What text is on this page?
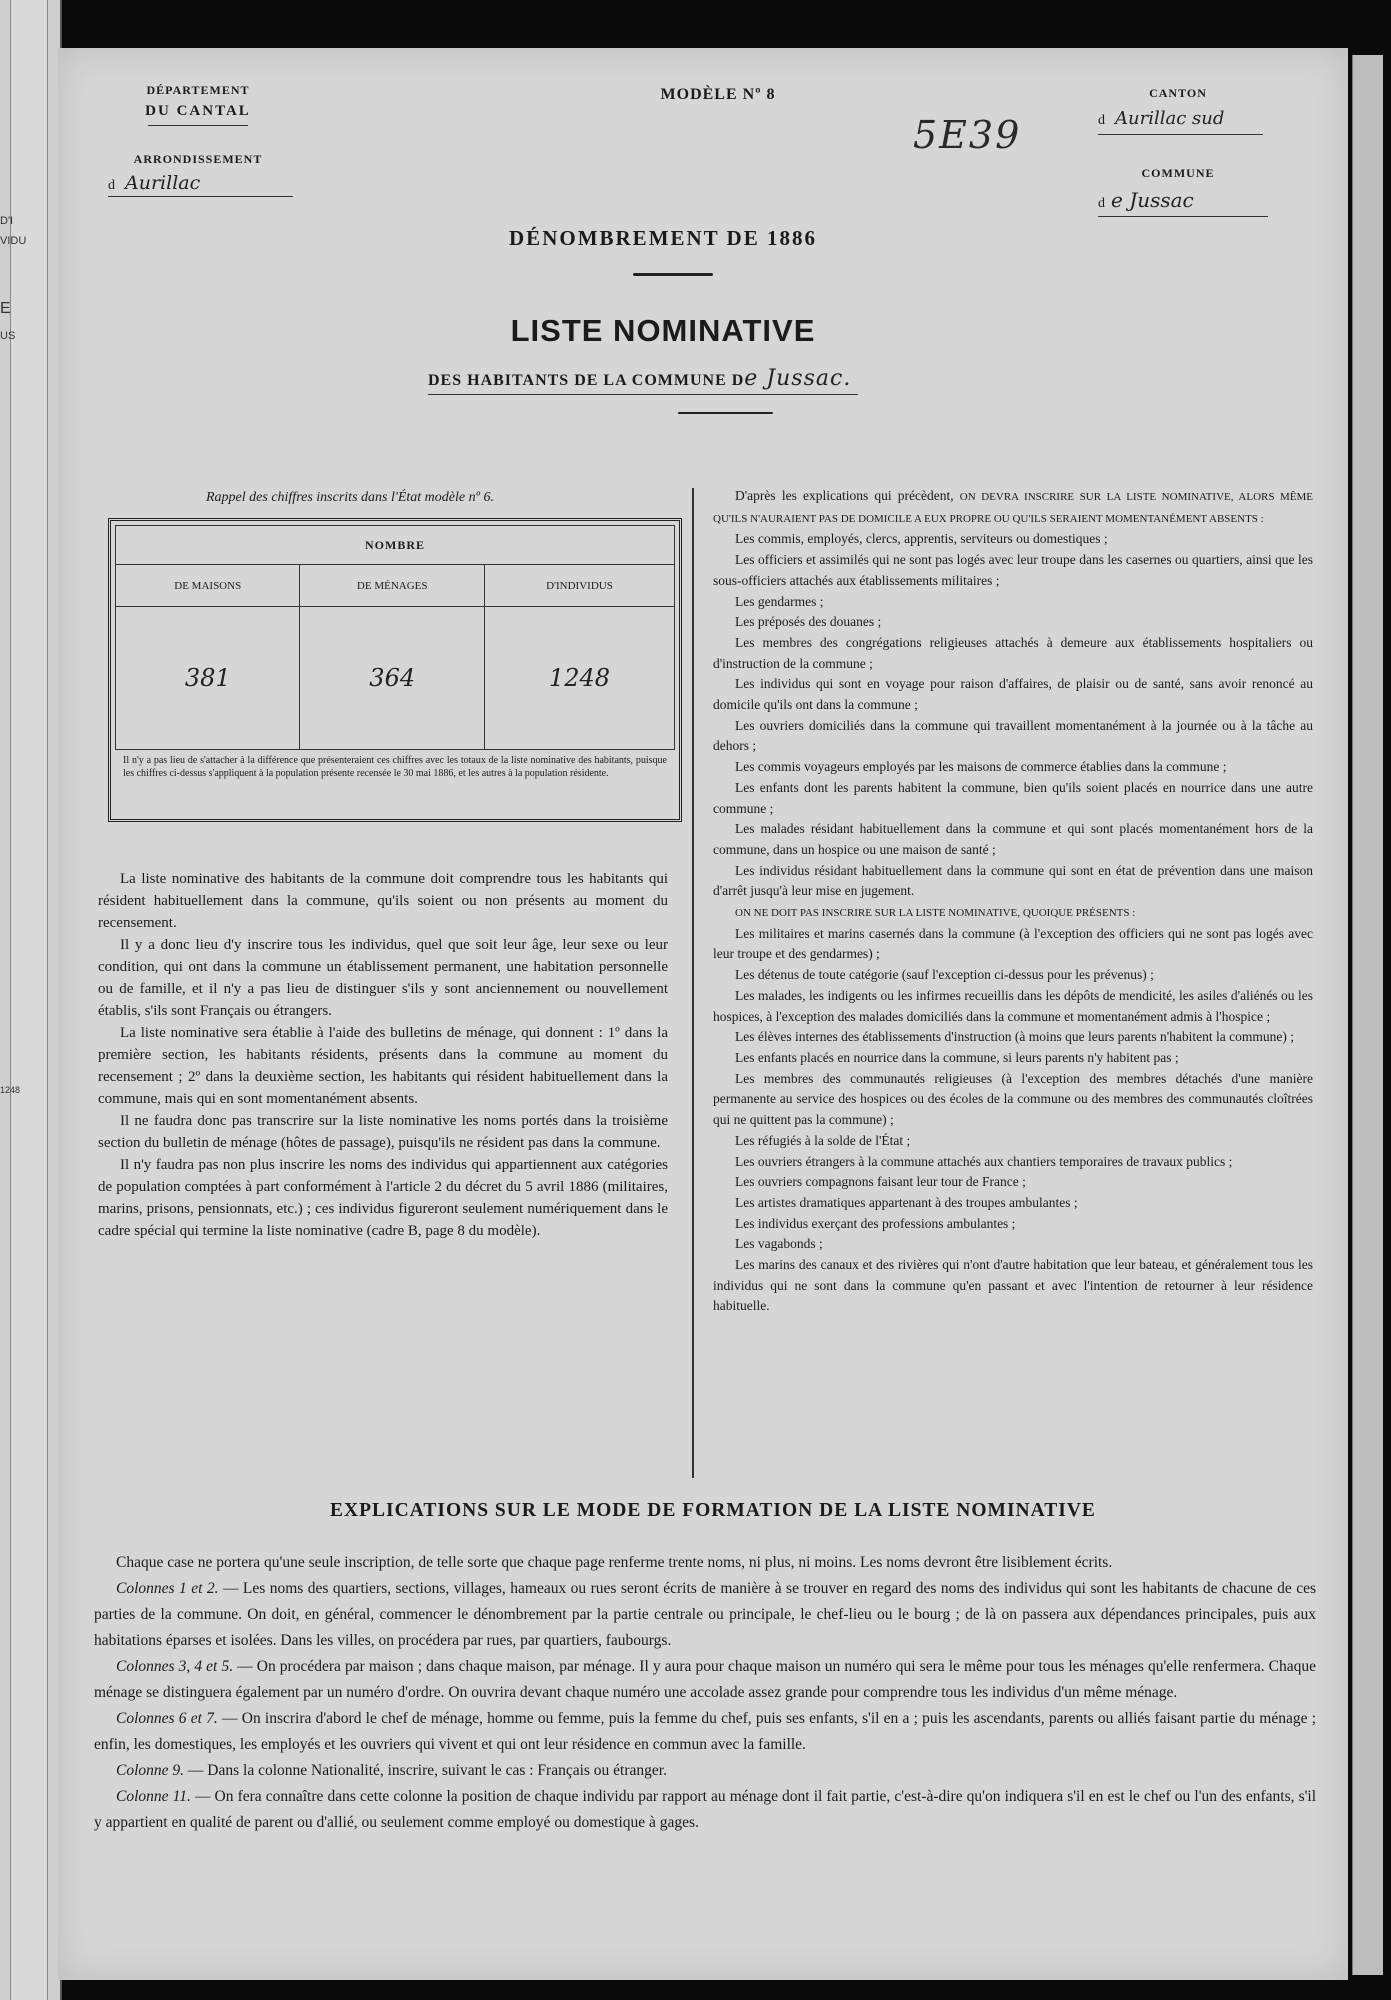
D'I
VIDU
E
US
1248
DÉPARTEMENT
DU CANTAL
ARRONDISSEMENT
d Aurillac
MODÈLE Nº 8
5E39
CANTON
d Aurillac sud
COMMUNE
d e Jussac
DÉNOMBREMENT DE 1886
LISTE NOMINATIVE
DES HABITANTS DE LA COMMUNE De Jussac.
Rappel des chiffres inscrits dans l'État modèle nº 6.
NOMBRE		
DE MAISONS	DE MÉNAGES	D'INDIVIDUS
381	364	1248
Il n'y a pas lieu de s'attacher à la différence que présenteraient ces chiffres avec les totaux de la liste nominative des habitants, puisque les chiffres ci-dessus s'appliquent à la population présente recensée le 30 mai 1886, et les autres à la population résidente.

La liste nominative des habitants de la commune doit comprendre tous les habitants qui résident habituellement dans la commune, qu'ils soient ou non présents au moment du recensement.

Il y a donc lieu d'y inscrire tous les individus, quel que soit leur âge, leur sexe ou leur condition, qui ont dans la commune un établissement permanent, une habitation personnelle ou de famille, et il n'y a pas lieu de distinguer s'ils y sont anciennement ou nouvellement établis, s'ils sont Français ou étrangers.

La liste nominative sera établie à l'aide des bulletins de ménage, qui donnent : 1º dans la première section, les habitants résidents, présents dans la commune au moment du recensement ; 2º dans la deuxième section, les habitants qui résident habituellement dans la commune, mais qui en sont momentanément absents.

Il ne faudra donc pas transcrire sur la liste nominative les noms portés dans la troisième section du bulletin de ménage (hôtes de passage), puisqu'ils ne résident pas dans la commune.

Il n'y faudra pas non plus inscrire les noms des individus qui appartiennent aux catégories de population comptées à part conformément à l'article 2 du décret du 5 avril 1886 (militaires, marins, prisons, pensionnats, etc.) ; ces individus figureront seulement numériquement dans le cadre spécial qui termine la liste nominative (cadre B, page 8 du modèle).

D'après les explications qui précèdent, ON DEVRA INSCRIRE SUR LA LISTE NOMINATIVE, ALORS MÊME QU'ILS N'AURAIENT PAS DE DOMICILE A EUX PROPRE OU QU'ILS SERAIENT MOMENTANÉMENT ABSENTS :

Les commis, employés, clercs, apprentis, serviteurs ou domestiques ;

Les officiers et assimilés qui ne sont pas logés avec leur troupe dans les casernes ou quartiers, ainsi que les sous-officiers attachés aux établissements militaires ;

Les gendarmes ;

Les préposés des douanes ;

Les membres des congrégations religieuses attachés à demeure aux établissements hospitaliers ou d'instruction de la commune ;

Les individus qui sont en voyage pour raison d'affaires, de plaisir ou de santé, sans avoir renoncé au domicile qu'ils ont dans la commune ;

Les ouvriers domiciliés dans la commune qui travaillent momentanément à la journée ou à la tâche au dehors ;

Les commis voyageurs employés par les maisons de commerce établies dans la commune ;

Les enfants dont les parents habitent la commune, bien qu'ils soient placés en nourrice dans une autre commune ;

Les malades résidant habituellement dans la commune et qui sont placés momentanément hors de la commune, dans un hospice ou une maison de santé ;

Les individus résidant habituellement dans la commune qui sont en état de prévention dans une maison d'arrêt jusqu'à leur mise en jugement.

ON NE DOIT PAS INSCRIRE SUR LA LISTE NOMINATIVE, QUOIQUE PRÉSENTS :

Les militaires et marins casernés dans la commune (à l'exception des officiers qui ne sont pas logés avec leur troupe et des gendarmes) ;

Les détenus de toute catégorie (sauf l'exception ci-dessus pour les prévenus) ;

Les malades, les indigents ou les infirmes recueillis dans les dépôts de mendicité, les asiles d'aliénés ou les hospices, à l'exception des malades domiciliés dans la commune et momentanément admis à l'hospice ;

Les élèves internes des établissements d'instruction (à moins que leurs parents n'habitent la commune) ;

Les enfants placés en nourrice dans la commune, si leurs parents n'y habitent pas ;

Les membres des communautés religieuses (à l'exception des membres détachés d'une manière permanente au service des hospices ou des écoles de la commune ou des membres des communautés cloîtrées qui ne quittent pas la commune) ;

Les réfugiés à la solde de l'État ;

Les ouvriers étrangers à la commune attachés aux chantiers temporaires de travaux publics ;

Les ouvriers compagnons faisant leur tour de France ;

Les artistes dramatiques appartenant à des troupes ambulantes ;

Les individus exerçant des professions ambulantes ;

Les vagabonds ;

Les marins des canaux et des rivières qui n'ont d'autre habitation que leur bateau, et généralement tous les individus qui ne sont dans la commune qu'en passant et avec l'intention de retourner à leur résidence habituelle.

EXPLICATIONS SUR LE MODE DE FORMATION DE LA LISTE NOMINATIVE

Chaque case ne portera qu'une seule inscription, de telle sorte que chaque page renferme trente noms, ni plus, ni moins. Les noms devront être lisiblement écrits.

Colonnes 1 et 2. — Les noms des quartiers, sections, villages, hameaux ou rues seront écrits de manière à se trouver en regard des noms des individus qui sont les habitants de chacune de ces parties de la commune. On doit, en général, commencer le dénombrement par la partie centrale ou principale, le chef-lieu ou le bourg ; de là on passera aux dépendances principales, puis aux habitations éparses et isolées. Dans les villes, on procédera par rues, par quartiers, faubourgs.

Colonnes 3, 4 et 5. — On procédera par maison ; dans chaque maison, par ménage. Il y aura pour chaque maison un numéro qui sera le même pour tous les ménages qu'elle renfermera. Chaque ménage se distinguera également par un numéro d'ordre. On ouvrira devant chaque numéro une accolade assez grande pour comprendre tous les individus d'un même ménage.

Colonnes 6 et 7. — On inscrira d'abord le chef de ménage, homme ou femme, puis la femme du chef, puis ses enfants, s'il en a ; puis les ascendants, parents ou alliés faisant partie du ménage ; enfin, les domestiques, les employés et les ouvriers qui vivent et qui ont leur résidence en commun avec la famille.

Colonne 9. — Dans la colonne Nationalité, inscrire, suivant le cas : Français ou étranger.

Colonne 11. — On fera connaître dans cette colonne la position de chaque individu par rapport au ménage dont il fait partie, c'est-à-dire qu'on indiquera s'il en est le chef ou l'un des enfants, s'il y appartient en qualité de parent ou d'allié, ou seulement comme employé ou domestique à gages.
